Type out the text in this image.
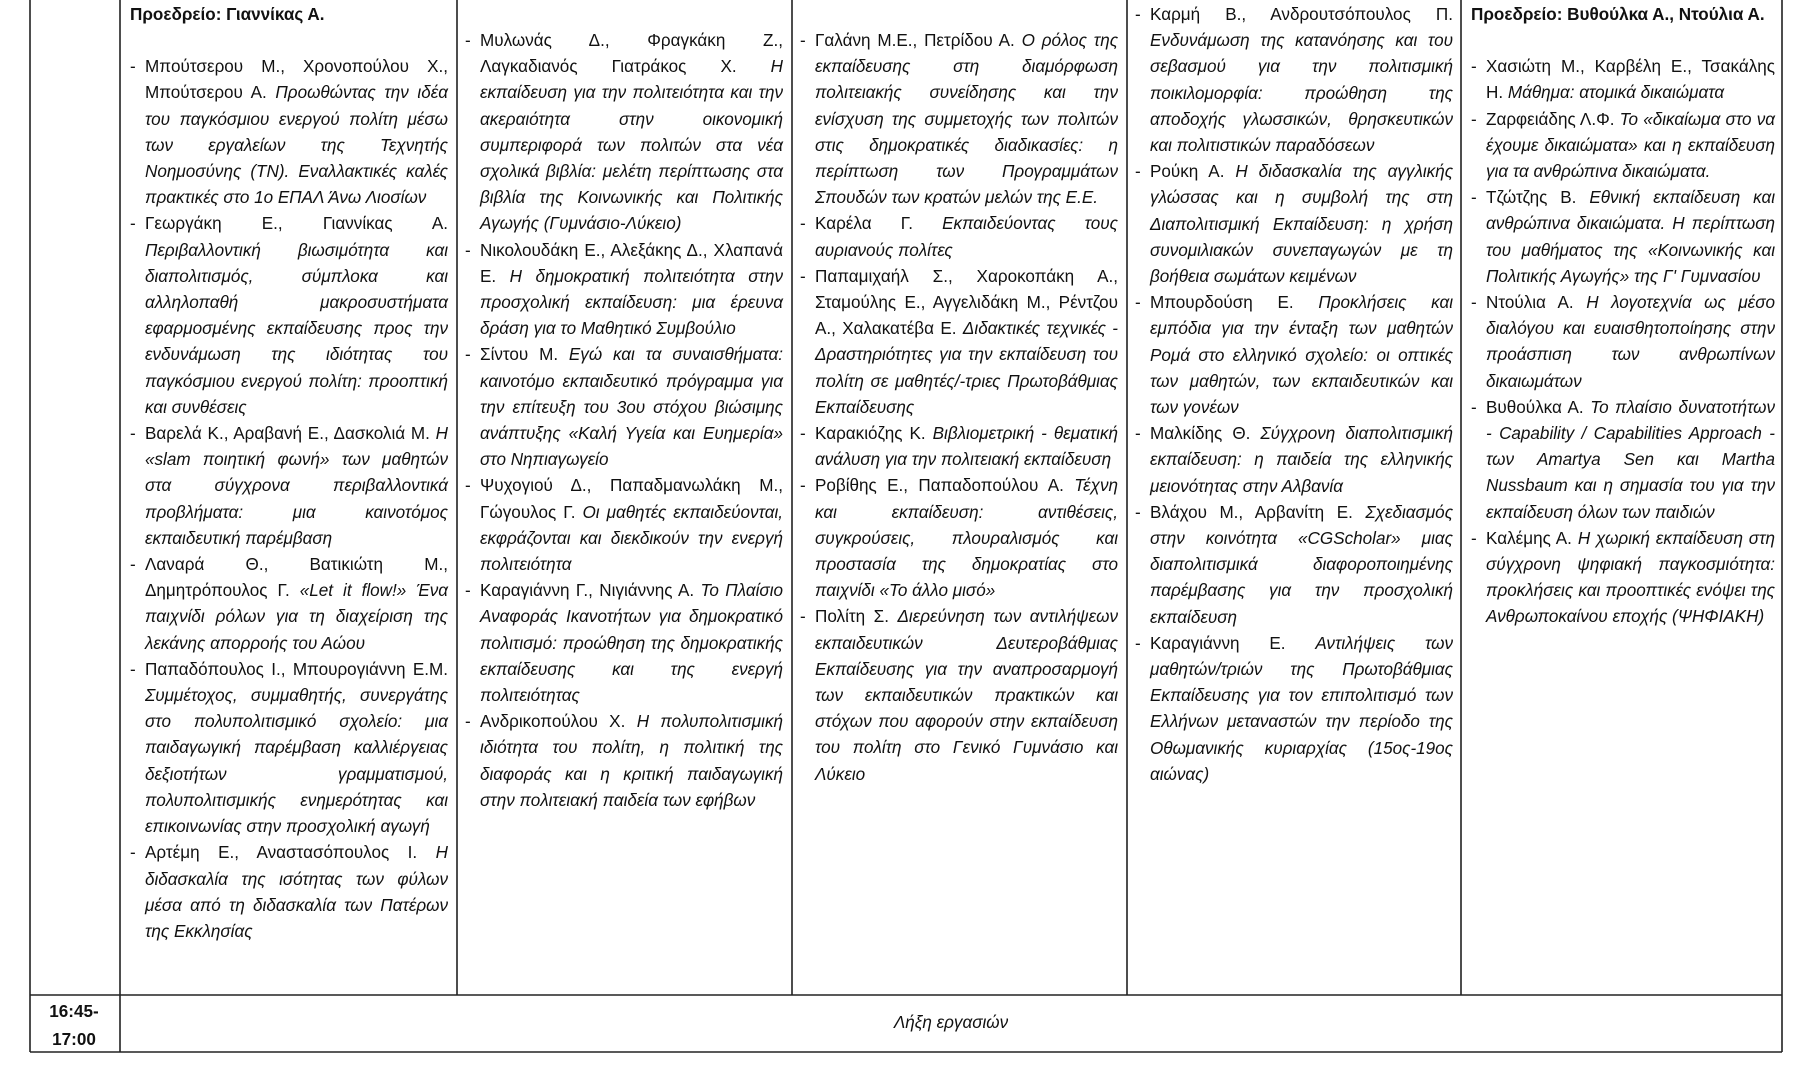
Προεδρείο: Γιαννίκας Α.
- Μπoύτσερου Μ., Χρονοπούλου Χ., Μπούτσερου Α. Προωθώντας την ιδέα του παγκόσμιου ενεργού πολίτη μέσω των εργαλείων της Τεχνητής Νοημοσύνης (ΤΝ). Εναλλακτικές καλές πρακτικές στο 1ο ΕΠΑΛ Άνω Λιοσίων
- Γεωργάκη Ε., Γιαννίκας Α. Περιβαλλοντική βιωσιμότητα και διαπολιτισμός, σύμπλοκα και αλληλοπαθή μακροσυστήματα εφαρμοσμένης εκπαίδευσης προς την ενδυνάμωση της ιδιότητας του παγκόσμιου ενεργού πολίτη: προοπτική και συνθέσεις
- Βαρελά Κ., Αραβανή Ε., Δασκολιά Μ. Η «slam ποιητική φωνή» των μαθητών στα σύγχρονα περιβαλλοντικά προβλήματα: μια καινοτόμος εκπαιδευτική παρέμβαση
- Λαναρά Θ., Βατικιώτη Μ., Δημητρόπουλος Γ. «Let it flow!» Ένα παιχνίδι ρόλων για τη διαχείριση της λεκάνης απορροής του Αώου
- Παπαδόπουλος Ι., Μπουρογιάννη Ε.Μ. Συμμέτοχος, συμμαθητής, συνεργάτης στο πολυπολιτισμικό σχολείο: μια παιδαγωγική παρέμβαση καλλιέργειας δεξιοτήτων γραμματισμού, πολυπολιτισμικής ενημερότητας και επικοινωνίας στην προσχολική αγωγή
- Αρτέμη Ε., Αναστασόπουλος Ι. Η διδασκαλία της ισότητας των φύλων μέσα από τη διδασκαλία των Πατέρων της Εκκλησίας
- Μυλωνάς Δ., Φραγκάκη Ζ., Λαγκαδιανός Γιατράκος Χ. Η εκπαίδευση για την πολιτειότητα και την ακεραιότητα στην οικονομική συμπεριφορά των πολιτών στα νέα σχολικά βιβλία: μελέτη περίπτωσης στα βιβλία της Κοινωνικής και Πολιτικής Αγωγής (Γυμνάσιο-Λύκειο)
- Νικολουδάκη Ε., Αλεξάκης Δ., Χλαπανά Ε. Η δημοκρατική πολιτειότητα στην προσχολική εκπαίδευση: μια έρευνα δράση για το Μαθητικό Συμβούλιο
- Σίντου Μ. Εγώ και τα συναισθήματα: καινοτόμο εκπαιδευτικό πρόγραμμα για την επίτευξη του 3ου στόχου βιώσιμης ανάπτυξης «Καλή Υγεία και Ευημερία» στο Νηπιαγωγείο
- Ψυχογιού Δ., Παπαδμανωλάκη Μ., Γώγουλος Γ. Οι μαθητές εκπαιδεύονται, εκφράζονται και διεκδικούν την ενεργή πολιτειότητα
- Καραγιάννη Γ., Νιγιάννης Α. Το Πλαίσιο Αναφοράς Ικανοτήτων για δημοκρατικό πολιτισμό: προώθηση της δημοκρατικής εκπαίδευσης και της ενεργή πολιτειότητας
- Ανδρικοπούλου Χ. Η πολυπολιτισμική ιδιότητα του πολίτη, η πολιτική της διαφοράς και η κριτική παιδαγωγική στην πολιτειακή παιδεία των εφήβων
- Γαλάνη Μ.Ε., Πετρίδου Α. Ο ρόλος της εκπαίδευσης στη διαμόρφωση πολιτειακής συνείδησης και την ενίσχυση της συμμετοχής των πολιτών στις δημοκρατικές διαδικασίες: η περίπτωση των Προγραμμάτων Σπουδών των κρατών μελών της Ε.Ε.
- Καρέλα Γ. Εκπαιδεύοντας τους αυριανούς πολίτες
- Παπαμιχαήλ Σ., Χαροκοπάκη Α., Σταμούλης Ε., Αγγελιδάκη Μ., Ρέντζου Α., Χαλακατέβα Ε. Διδακτικές τεχνικές - Δραστηριότητες για την εκπαίδευση του πολίτη σε μαθητές/-τριες Πρωτοβάθμιας Εκπαίδευσης
- Καρακιόζης Κ. Βιβλιομετρική - θεματική ανάλυση για την πολιτειακή εκπαίδευση
- Ροβίθης Ε., Παπαδοπούλου Α. Τέχνη και εκπαίδευση: αντιθέσεις, συγκρούσεις, πλουραλισμός και προστασία της δημοκρατίας στο παιχνίδι «Το άλλο μισό»
- Πολίτη Σ. Διερεύνηση των αντιλήψεων εκπαιδευτικών Δευτεροβάθμιας Εκπαίδευσης για την αναπροσαρμογή των εκπαιδευτικών πρακτικών και στόχων που αφορούν στην εκπαίδευση του πολίτη στο Γενικό Γυμνάσιο και Λύκειο
- Καρμή Β., Ανδρουτσόπουλος Π. Ενδυνάμωση της κατανόησης και του σεβασμού για την πολιτισμική ποικιλομορφία: προώθηση της αποδοχής γλωσσικών, θρησκευτικών και πολιτιστικών παραδόσεων
- Ρούκη Α. Η διδασκαλία της αγγλικής γλώσσας και η συμβολή της στη Διαπολιτισμική Εκπαίδευση: η χρήση συνομιλιακών συνεπαγωγών με τη βοήθεια σωμάτων κειμένων
- Μπουρδούση Ε. Προκλήσεις και εμπόδια για την ένταξη των μαθητών Ρομά στο ελληνικό σχολείο: οι οπτικές των μαθητών, των εκπαιδευτικών και των γονέων
- Μαλκίδης Θ. Σύγχρονη διαπολιτισμική εκπαίδευση: η παιδεία της ελληνικής μειονότητας στην Αλβανία
- Βλάχου Μ., Αρβανίτη Ε. Σχεδιασμός στην κοινότητα «CGScholar» μιας διαπολιτισμικά διαφοροποιημένης παρέμβασης για την προσχολική εκπαίδευση
- Καραγιάννη Ε. Αντιλήψεις των μαθητών/τριών της Πρωτοβάθμιας Εκπαίδευσης για τον επιπολιτισμό των Ελλήνων μεταναστών την περίοδο της Οθωμανικής κυριαρχίας (15ος-19ος αιώνας)
Προεδρείο: Βυθούλκα Α., Ντούλια Α.
- Χασιώτη Μ., Καρβέλη Ε., Τσακάλης Η. Μάθημα: ατομικά δικαιώματα
- Ζαρφειάδης Λ.Φ. Το «δικαίωμα στο να έχουμε δικαιώματα» και η εκπαίδευση για τα ανθρώπινα δικαιώματα.
- Τζώτζης Β. Εθνική εκπαίδευση και ανθρώπινα δικαιώματα. Η περίπτωση του μαθήματος της «Κοινωνικής και Πολιτικής Αγωγής» της Γ' Γυμνασίου
- Ντούλια Α. Η λογοτεχνία ως μέσο διαλόγου και ευαισθητοποίησης στην προάσπιση των ανθρωπίνων δικαιωμάτων
- Βυθούλκα Α. Το πλαίσιο δυνατοτήτων - Capability / Capabilities Approach - των Amartya Sen και Martha Nussbaum και η σημασία του για την εκπαίδευση όλων των παιδιών
- Καλέμης Α. Η χωρική εκπαίδευση στη σύγχρονη ψηφιακή παγκοσμιότητα: προκλήσεις και προοπτικές ενόψει της Ανθρωποκαίνου εποχής (ΨΗΦΙΑΚΗ)
16:45-
17:00
Λήξη εργασιών
